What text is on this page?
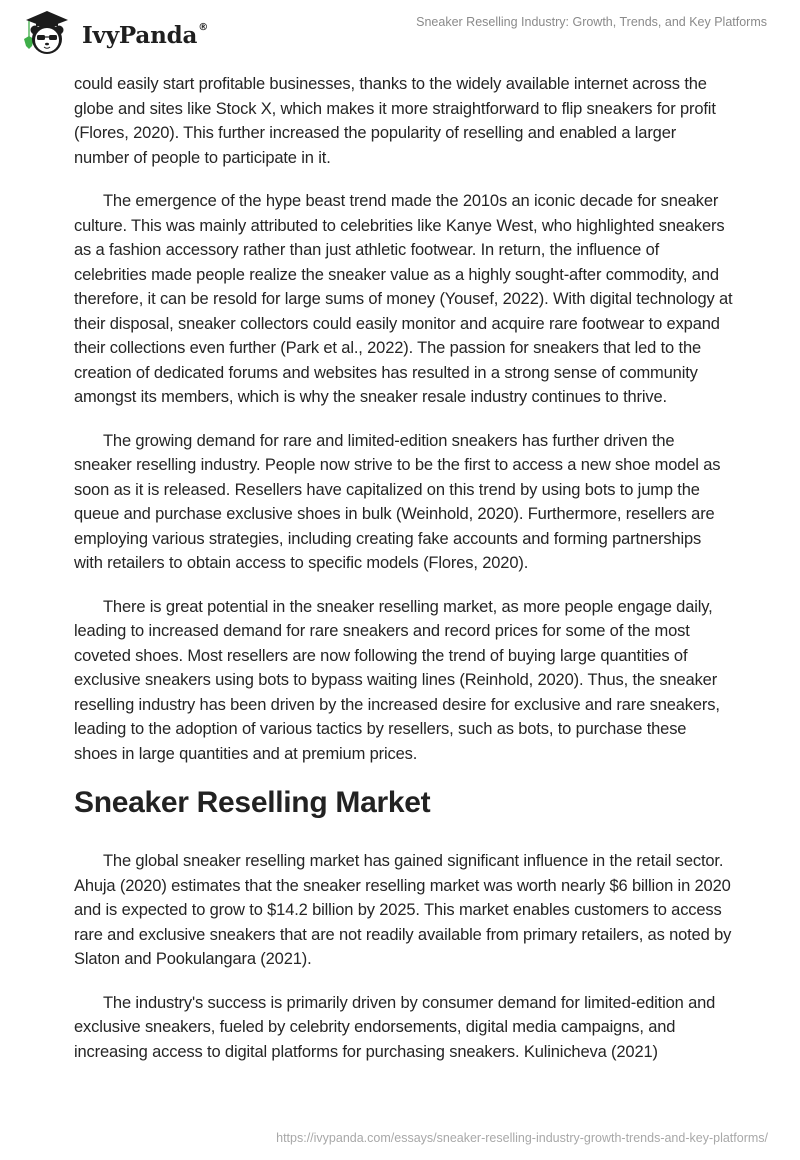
IvyPanda®	Sneaker Reselling Industry: Growth, Trends, and Key Platforms

could easily start profitable businesses, thanks to the widely available internet across the globe and sites like Stock X, which makes it more straightforward to flip sneakers for profit (Flores, 2020). This further increased the popularity of reselling and enabled a larger number of people to participate in it.

The emergence of the hype beast trend made the 2010s an iconic decade for sneaker culture. This was mainly attributed to celebrities like Kanye West, who highlighted sneakers as a fashion accessory rather than just athletic footwear. In return, the influence of celebrities made people realize the sneaker value as a highly sought-after commodity, and therefore, it can be resold for large sums of money (Yousef, 2022). With digital technology at their disposal, sneaker collectors could easily monitor and acquire rare footwear to expand their collections even further (Park et al., 2022). The passion for sneakers that led to the creation of dedicated forums and websites has resulted in a strong sense of community amongst its members, which is why the sneaker resale industry continues to thrive.

The growing demand for rare and limited-edition sneakers has further driven the sneaker reselling industry. People now strive to be the first to access a new shoe model as soon as it is released. Resellers have capitalized on this trend by using bots to jump the queue and purchase exclusive shoes in bulk (Weinhold, 2020). Furthermore, resellers are employing various strategies, including creating fake accounts and forming partnerships with retailers to obtain access to specific models (Flores, 2020).

There is great potential in the sneaker reselling market, as more people engage daily, leading to increased demand for rare sneakers and record prices for some of the most coveted shoes. Most resellers are now following the trend of buying large quantities of exclusive sneakers using bots to bypass waiting lines (Reinhold, 2020). Thus, the sneaker reselling industry has been driven by the increased desire for exclusive and rare sneakers, leading to the adoption of various tactics by resellers, such as bots, to purchase these shoes in large quantities and at premium prices.

Sneaker Reselling Market

The global sneaker reselling market has gained significant influence in the retail sector. Ahuja (2020) estimates that the sneaker reselling market was worth nearly $6 billion in 2020 and is expected to grow to $14.2 billion by 2025. This market enables customers to access rare and exclusive sneakers that are not readily available from primary retailers, as noted by Slaton and Pookulangara (2021).

The industry's success is primarily driven by consumer demand for limited-edition and exclusive sneakers, fueled by celebrity endorsements, digital media campaigns, and increasing access to digital platforms for purchasing sneakers. Kulinicheva (2021)

https://ivypanda.com/essays/sneaker-reselling-industry-growth-trends-and-key-platforms/
